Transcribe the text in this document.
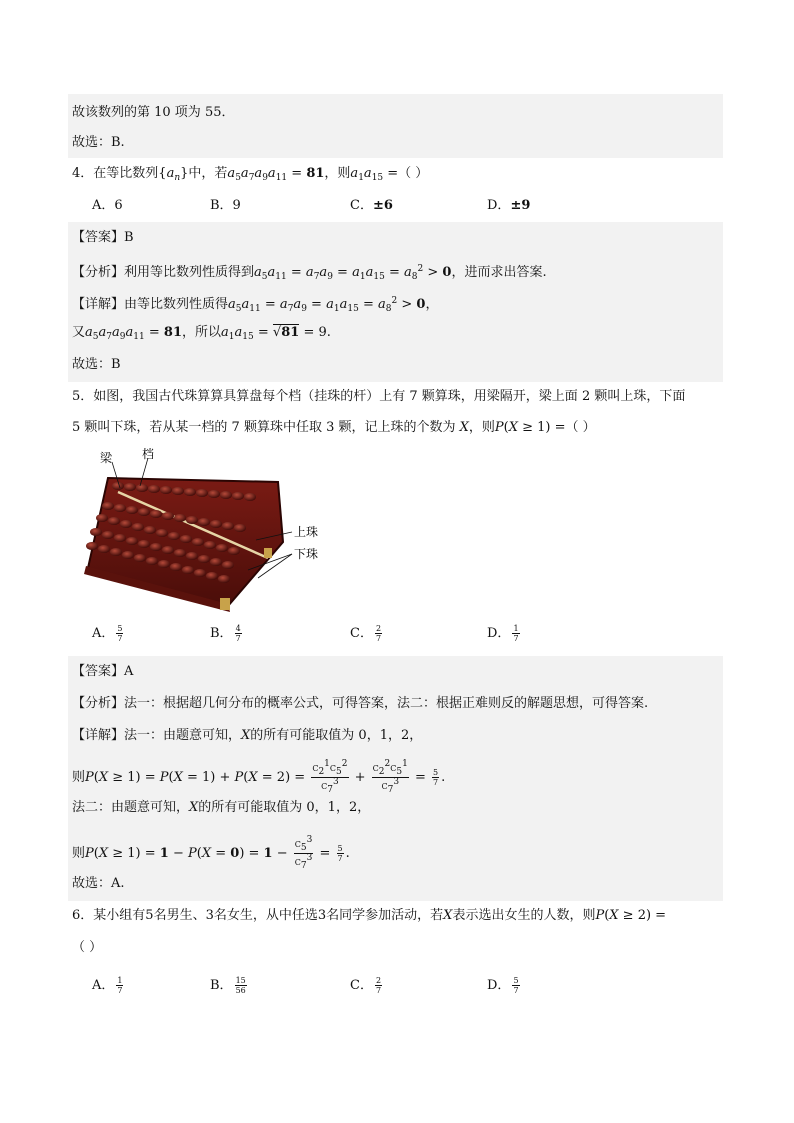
故该数列的第 10 项为 55．
故选：B.
4．在等比数列$\{a_n\}$中，若$a_5a_7a_9a_{11} = 81$，则$a_1a_{15}$ =（ ）
A．6	B．9	C．±6	D．±9
【答案】B
【分析】利用等比数列性质得到$a_5a_{11} = a_7a_9 = a_1a_{15} = a_8^2 > 0$，进而求出答案.
【详解】由等比数列性质得$a_5a_{11} = a_7a_9 = a_1a_{15} = a_8^2 > 0$，
又$a_5a_7a_9a_{11} = 81$，所以$a_1a_{15} = √81 = 9$.
故选：B
5．如图，我国古代珠算算具算盘每个档（挂珠的杆）上有 7 颗算珠，用梁隔开，梁上面 2 颗叫上珠，下面
5 颗叫下珠，若从某一档的 7 颗算珠中任取 3 颗，记上珠的个数为 X，则P(X ≥ 1) =（ ）
梁 档
上珠
下珠
A． $\frac{5}{7}$	B． $\frac{4}{7}$	C． $\frac{2}{7}$	D． $\frac{1}{7}$
【答案】A
【分析】法一：根据超几何分布的概率公式，可得答案，法二：根据正难则反的解题思想，可得答案.
【详解】法一：由题意可知，X的所有可能取值为 0，1，2，
则$P(X \ge 1) = P(X = 1) + P(X = 2) = \frac{C_2^1C_5^2}{C_7^3} + \frac{C_2^2C_5^1}{C_7^3} = \frac{5}{7}$ .
法二：由题意可知，X的所有可能取值为 0，1，2，
则$P(X \ge 1) = 1 - P(X = 0) = 1 - \frac{C_5^3}{C_7^3} = \frac{5}{7}$ .
故选：A.
6．某小组有5名男生、3名女生，从中任选3名同学参加活动，若X表示选出女生的人数，则P(X ≥ 2) =
（ ）
A． $\frac{1}{7}$	B． $\frac{15}{56}$	C． $\frac{2}{7}$	D． $\frac{5}{7}$
